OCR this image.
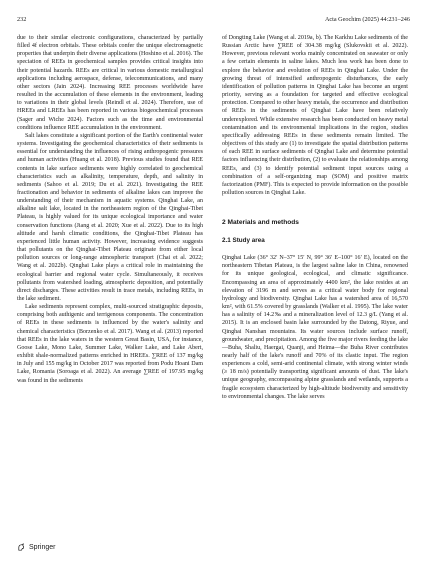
232	Acta Geochim (2025) 44:231–246

due to their similar electronic configurations, characterized by partially filled 4f electron orbitals. These orbitals confer the unique electromagnetic properties that underpin their diverse applications (Hoshino et al. 2016). The speciation of REEs in geochemical samples provides critical insights into their potential hazards. REEs are critical in various domestic metallurgical applications including aerospace, defense, telecommunications, and many other sectors (Jain 2024). Increasing REE processes worldwide have resulted in the accumulation of these elements in the environment, leading to variations in their global levels (Reindl et al. 2024). Therefore, use of HREEs and LREEs has been reported in various biogeochemical processes (Sager and Wiche 2024). Factors such as the time and environmental conditions influence REE accumulation in the environment.

Salt lakes constitute a significant portion of the Earth's continental water systems. Investigating the geochemical characteristics of their sediments is essential for understanding the influences of rising anthropogenic pressures and human activities (Huang et al. 2018). Previous studies found that REE contents in lake surface sediments were highly correlated to geochemical characteristics such as alkalinity, temperature, depth, and salinity in sediments (Sahoo et al. 2019; Du et al. 2021). Investigating the REE fractionation and behavior in sediments of alkaline lakes can improve the understanding of their mechanism in aquatic systems. Qinghai Lake, an alkaline salt lake, located in the northeastern region of the Qinghai-Tibet Plateau, is highly valued for its unique ecological importance and water conservation functions (Jiang et al. 2020; Xue et al. 2022). Due to its high altitude and harsh climatic conditions, the Qinghai-Tibet Plateau has experienced little human activity. However, increasing evidence suggests that pollutants on the Qinghai-Tibet Plateau originate from either local pollution sources or long-range atmospheric transport (Chai et al. 2022; Wang et al. 2022b). Qinghai Lake plays a critical role in maintaining the ecological barrier and regional water cycle. Simultaneously, it receives pollutants from watershed loading, atmospheric deposition, and potentially direct discharges. These activities result in trace metals, including REEs, in the lake sediment.

Lake sediments represent complex, multi-sourced stratigraphic deposits, comprising both authigenic and terrigenous components. The concentration of REEs in these sediments is influenced by the water's salinity and chemical characteristics (Borzenko et al. 2017). Wang et al. (2013) reported that REEs in the lake waters in the western Great Basin, USA, for instance, Goose Lake, Mono Lake, Summer Lake, Walker Lake, and Lake Abert, exhibit shale-normalized patterns enriched in HREEs. ∑REE of 137 mg/kg in July and 155 mg/kg in October 2017 was reported from Podu Hoani Dam Lake, Romania (Soroaga et al. 2022). An average ∑REE of 197.95 mg/kg was found in the sediments

of Dongting Lake (Wang et al. 2019a, b). The Karkhu Lake sediments of the Russian Arctic have ∑REE of 304.38 mg/kg (Slukovskii et al. 2022). However, previous relevant works mainly concentrated on seawater or only a few certain elements in saline lakes. Much less work has been done to explore the behavior and evolution of REEs in Qinghai Lake. Under the growing threat of intensified anthropogenic disturbances, the early identification of pollution patterns in Qinghai Lake has become an urgent priority, serving as a foundation for targeted and effective ecological protection. Compared to other heavy metals, the occurrence and distribution of REEs in the sediments of Qinghai Lake have been relatively underexplored. While extensive research has been conducted on heavy metal contamination and its environmental implications in the region, studies specifically addressing REEs in these sediments remain limited. The objectives of this study are (1) to investigate the spatial distribution patterns of each REE in surface sediments of Qinghai Lake and determine potential factors influencing their distribution, (2) to evaluate the relationships among REEs, and (3) to identify potential sediment input sources using a combination of a self-organizing map (SOM) and positive matrix factorization (PMF). This is expected to provide information on the possible pollution sources in Qinghai Lake.

2 Materials and methods
2.1 Study area

Qinghai Lake (36° 32′ N–37° 15′ N, 99° 36′ E–100° 16′ E), located on the northeastern Tibetan Plateau, is the largest saline lake in China, renowned for its unique geological, ecological, and climatic significance. Encompassing an area of approximately 4400 km², the lake resides at an elevation of 3196 m and serves as a critical water body for regional hydrology and biodiversity. Qinghai Lake has a watershed area of 16,570 km², with 61.5% covered by grasslands (Walker et al. 1995). The lake water has a salinity of 14.2‰ and a mineralization level of 12.3 g/L (Yang et al. 2015). It is an enclosed basin lake surrounded by the Datong, Riyue, and Qinghai Nanshan mountains. Its water sources include surface runoff, groundwater, and precipitation. Among the five major rivers feeding the lake—Buha, Shaliu, Haergai, Quanji, and Heima—the Buha River contributes nearly half of the lake's runoff and 70% of its clastic input. The region experiences a cold, semi-arid continental climate, with strong winter winds (≥ 18 m/s) potentially transporting significant amounts of dust. The lake's unique geography, encompassing alpine grasslands and wetlands, supports a fragile ecosystem characterized by high-altitude biodiversity and sensitivity to environmental changes. The lake serves

Springer
